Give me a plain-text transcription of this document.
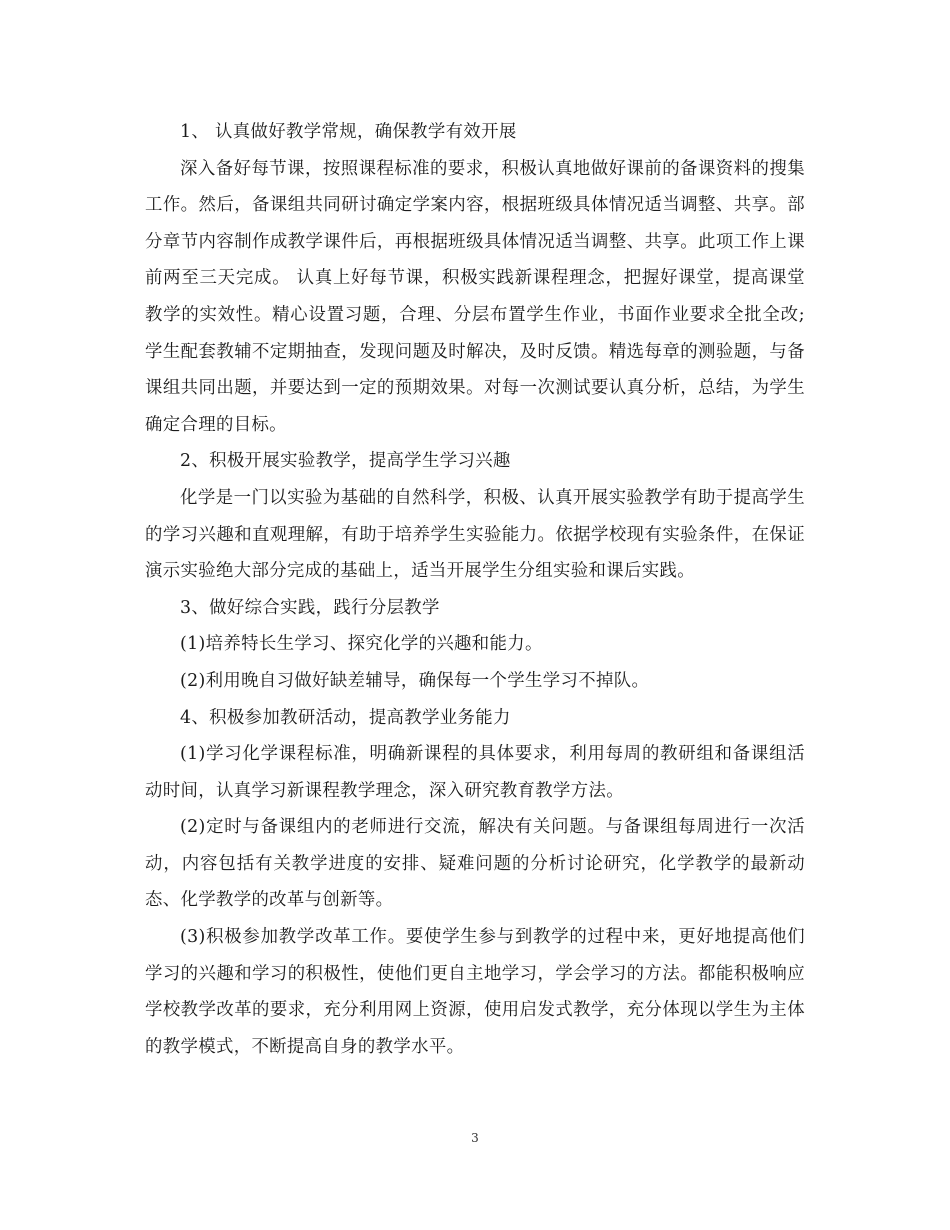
1、 认真做好教学常规，确保教学有效开展

深入备好每节课，按照课程标准的要求，积极认真地做好课前的备课资料的搜集工作。然后，备课组共同研讨确定学案内容，根据班级具体情况适当调整、共享。部分章节内容制作成教学课件后，再根据班级具体情况适当调整、共享。此项工作上课前两至三天完成。 认真上好每节课，积极实践新课程理念，把握好课堂，提高课堂教学的实效性。精心设置习题，合理、分层布置学生作业，书面作业要求全批全改;学生配套教辅不定期抽查，发现问题及时解决，及时反馈。精选每章的测验题，与备课组共同出题，并要达到一定的预期效果。对每一次测试要认真分析，总结，为学生确定合理的目标。

2、积极开展实验教学，提高学生学习兴趣

化学是一门以实验为基础的自然科学，积极、认真开展实验教学有助于提高学生的学习兴趣和直观理解，有助于培养学生实验能力。依据学校现有实验条件，在保证演示实验绝大部分完成的基础上，适当开展学生分组实验和课后实践。

3、做好综合实践，践行分层教学

(1)培养特长生学习、探究化学的兴趣和能力。

(2)利用晚自习做好缺差辅导，确保每一个学生学习不掉队。

4、积极参加教研活动，提高教学业务能力

(1)学习化学课程标准，明确新课程的具体要求，利用每周的教研组和备课组活动时间，认真学习新课程教学理念，深入研究教育教学方法。

(2)定时与备课组内的老师进行交流，解决有关问题。与备课组每周进行一次活动，内容包括有关教学进度的安排、疑难问题的分析讨论研究，化学教学的最新动态、化学教学的改革与创新等。

(3)积极参加教学改革工作。要使学生参与到教学的过程中来，更好地提高他们学习的兴趣和学习的积极性，使他们更自主地学习，学会学习的方法。都能积极响应学校教学改革的要求，充分利用网上资源，使用启发式教学，充分体现以学生为主体的教学模式，不断提高自身的教学水平。

3
